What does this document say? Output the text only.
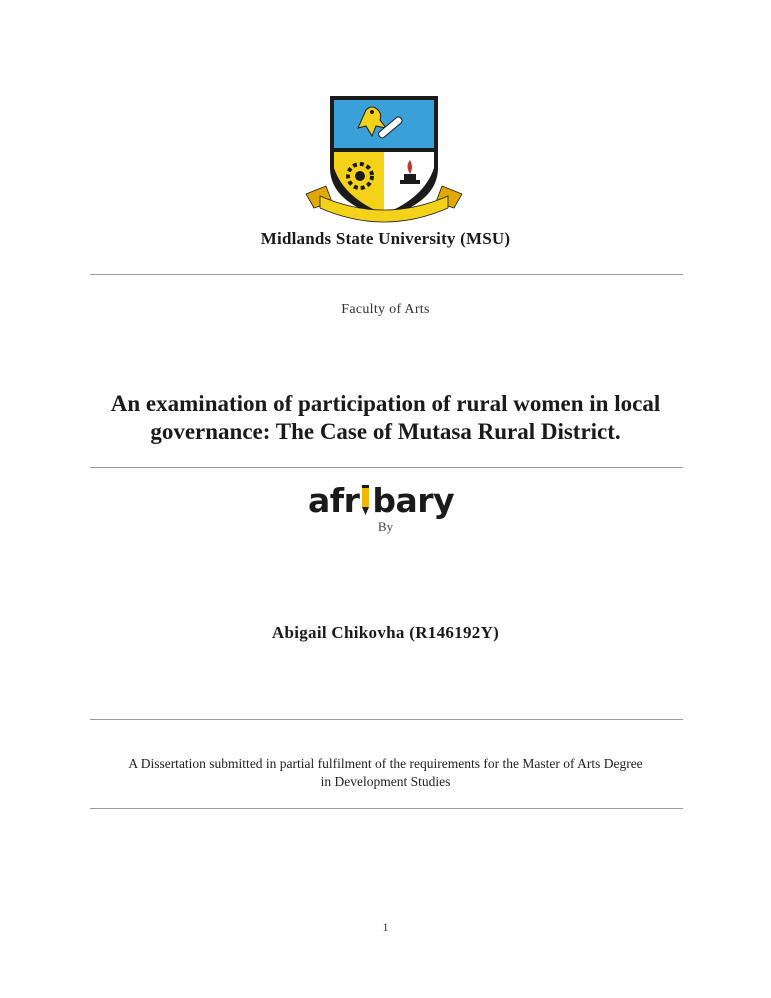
Midlands State University (MSU)
Faculty of Arts
An examination of participation of rural women in local
governance: The Case of Mutasa Rural District.
afr bary
By
Abigail Chikovha (R146192Y)
A Dissertation submitted in partial fulfilment of the requirements for the Master of Arts Degree
in Development Studies
1
